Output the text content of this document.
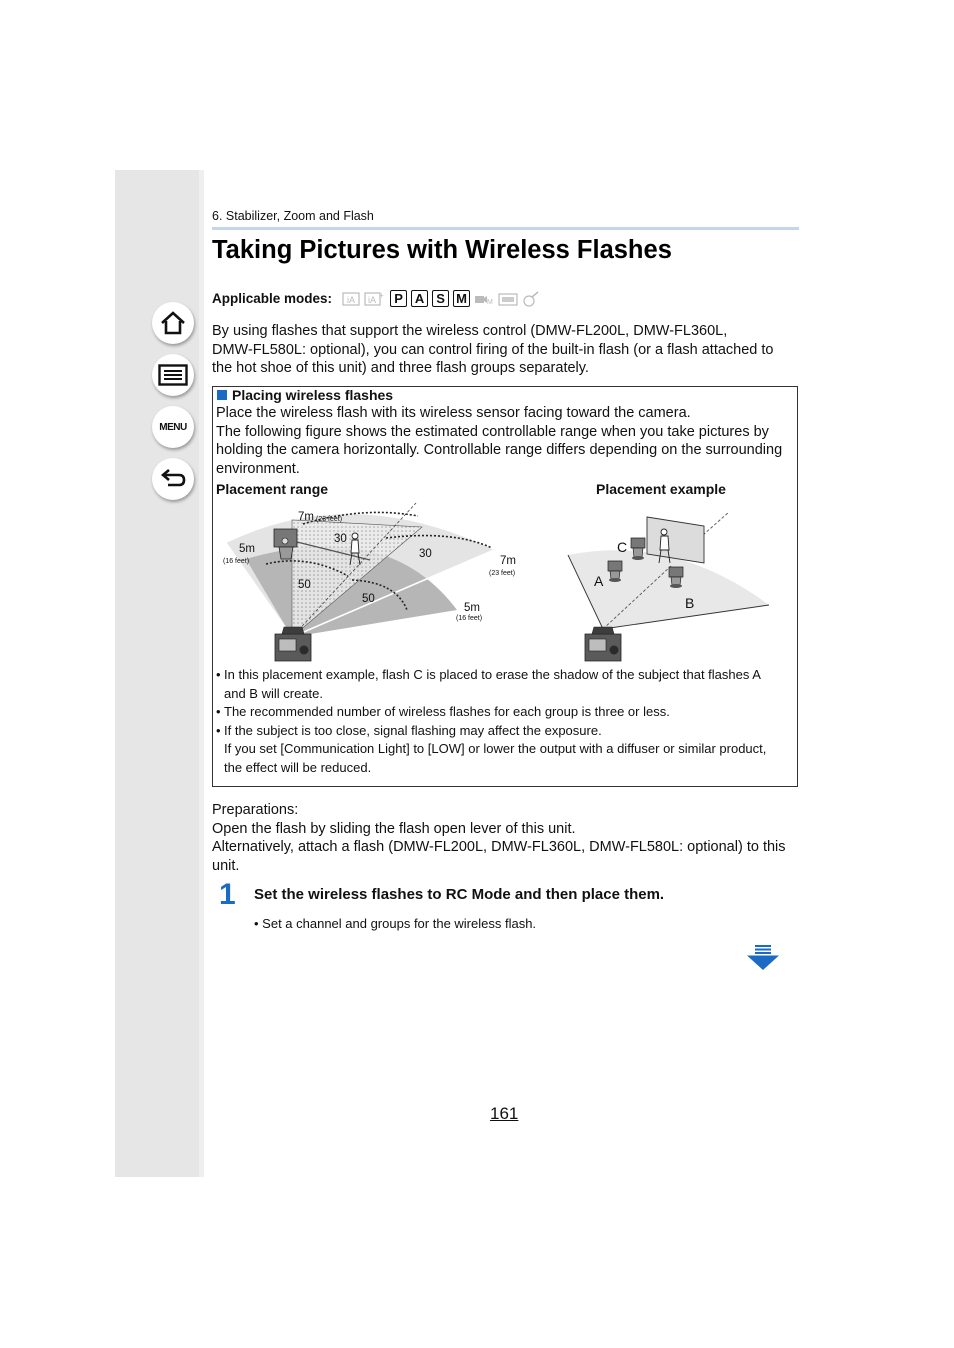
MENU
6. Stabilizer, Zoom and Flash
Taking Pictures with Wireless Flashes
Applicable modes: iA iA + P A S M	M

By using flashes that support the wireless control (DMW-FL200L, DMW-FL360L,
DMW-FL580L: optional), you can control firing of the built-in flash (or a flash attached to
the hot shoe of this unit) and three flash groups separately.

Placing wireless flashes

Place the wireless flash with its wireless sensor facing toward the camera.
The following figure shows the estimated controllable range when you take pictures by
holding the camera horizontally. Controllable range differs depending on the surrounding
environment.

Placement range	Placement example
7m (23 feet)
5m
(16 feet)	7m
(23 feet)
5m
(16 feet)
30
30
50
50
C
A
B
• In this placement example, flash C is placed to erase the shadow of the subject that flashes A
and B will create.
• The recommended number of wireless flashes for each group is three or less.
• If the subject is too close, signal flashing may affect the exposure.
If you set [Communication Light] to [LOW] or lower the output with a diffuser or similar product,
the effect will be reduced.

Preparations:
Open the flash by sliding the flash open lever of this unit.
Alternatively, attach a flash (DMW-FL200L, DMW-FL360L, DMW-FL580L: optional) to this
unit.

1 Set the wireless flashes to RC Mode and then place them.
• Set a channel and groups for the wireless flash.
161
